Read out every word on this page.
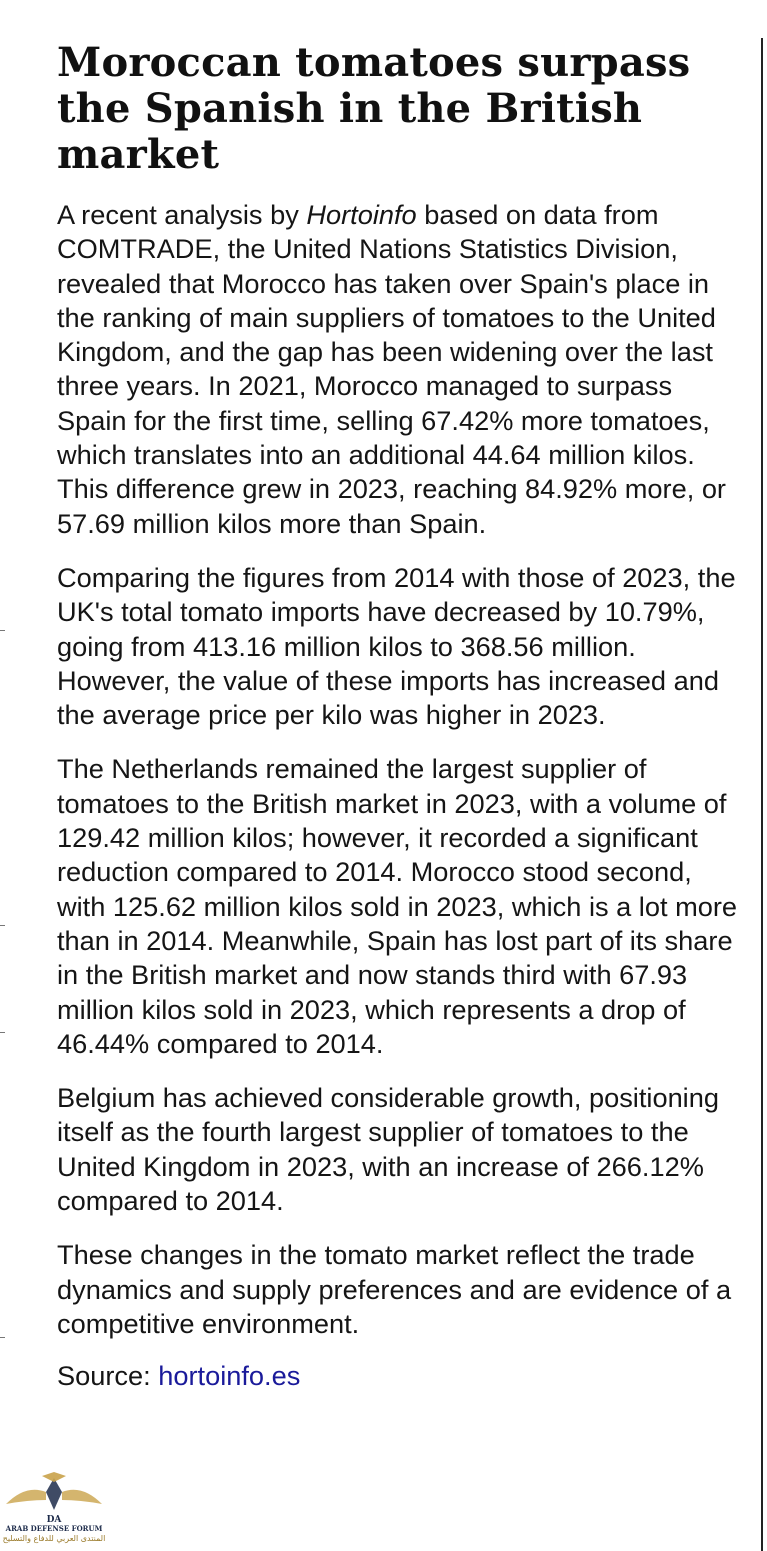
Moroccan tomatoes surpass the Spanish in the British market

A recent analysis by Hortoinfo based on data from COMTRADE, the United Nations Statistics Division, revealed that Morocco has taken over Spain's place in the ranking of main suppliers of tomatoes to the United Kingdom, and the gap has been widening over the last three years. In 2021, Morocco managed to surpass Spain for the first time, selling 67.42% more tomatoes, which translates into an additional 44.64 million kilos. This difference grew in 2023, reaching 84.92% more, or 57.69 million kilos more than Spain.

Comparing the figures from 2014 with those of 2023, the UK's total tomato imports have decreased by 10.79%, going from 413.16 million kilos to 368.56 million. However, the value of these imports has increased and the average price per kilo was higher in 2023.

The Netherlands remained the largest supplier of tomatoes to the British market in 2023, with a volume of 129.42 million kilos; however, it recorded a significant reduction compared to 2014. Morocco stood second, with 125.62 million kilos sold in 2023, which is a lot more than in 2014. Meanwhile, Spain has lost part of its share in the British market and now stands third with 67.93 million kilos sold in 2023, which represents a drop of 46.44% compared to 2014.

Belgium has achieved considerable growth, positioning itself as the fourth largest supplier of tomatoes to the United Kingdom in 2023, with an increase of 266.12% compared to 2014.

These changes in the tomato market reflect the trade dynamics and supply preferences and are evidence of a competitive environment.

Source: hortoinfo.es

DA
ARAB DEFENSE FORUM
المنتدى العربي للدفاع والتسليح
